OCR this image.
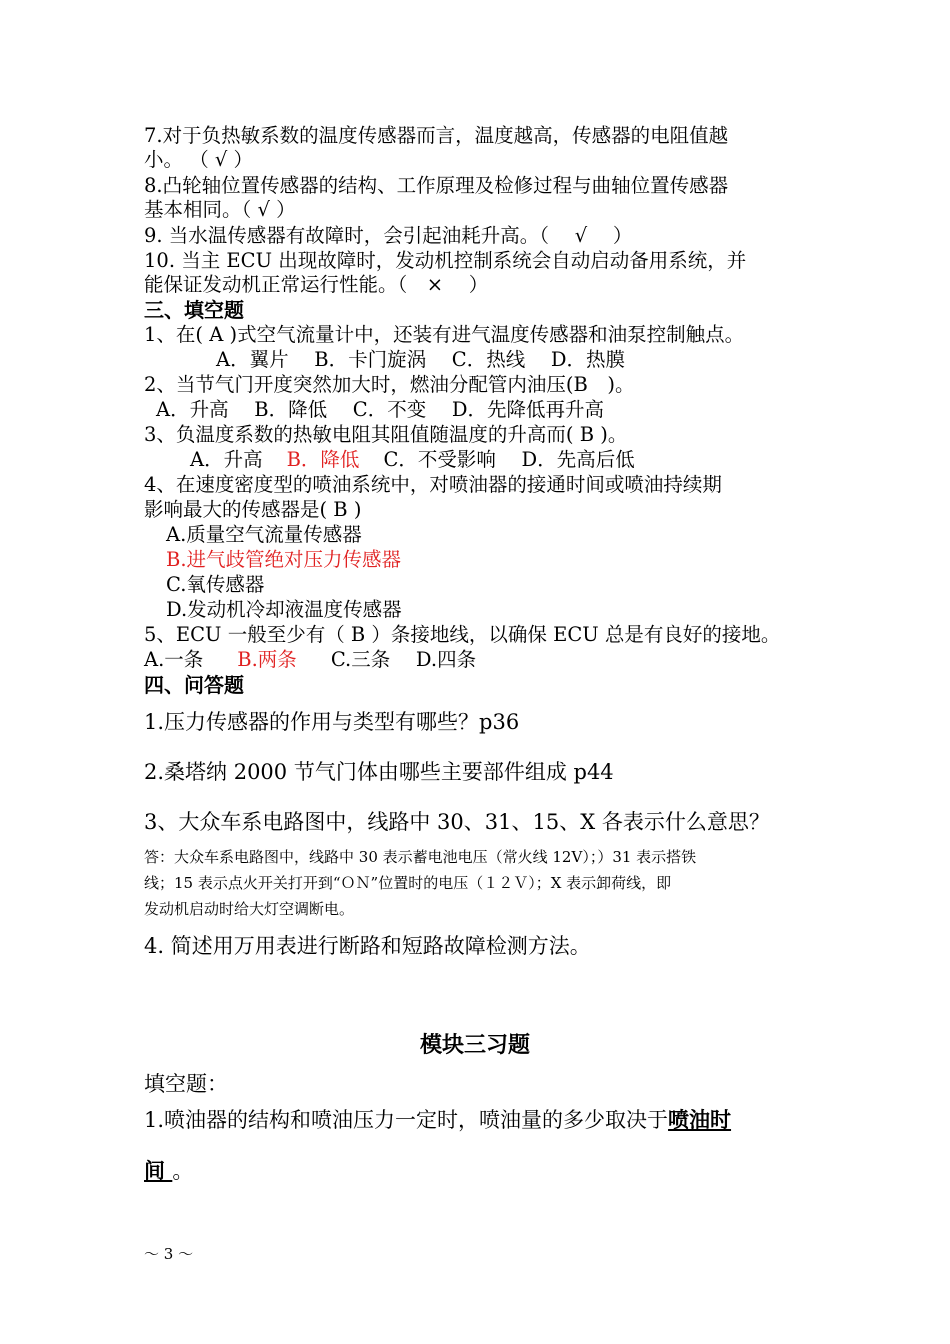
7.对于负热敏系数的温度传感器而言，温度越高，传感器的电阻值越
小。 （ √ ）
8.凸轮轴位置传感器的结构、工作原理及检修过程与曲轴位置传感器
基本相同。（ √ ）
9. 当水温传感器有故障时，会引起油耗升高。（　 √　 ）
10. 当主 ECU 出现故障时，发动机控制系统会自动启动备用系统，并
能保证发动机正常运行性能。（　×　 ）
三、填空题
1、在( A )式空气流量计中，还装有进气温度传感器和油泵控制触点。
A．翼片　 B．卡门旋涡　 C．热线　 D．热膜
2、当节气门开度突然加大时，燃油分配管内油压(B　)。
A．升高　 B．降低　 C．不变　 D．先降低再升高
3、负温度系数的热敏电阻其阻值随温度的升高而( B )。
A．升高 B．降低 C．不受影响　 D．先高后低
4、在速度密度型的喷油系统中，对喷油器的接通时间或喷油持续期
影响最大的传感器是( B )
A.质量空气流量传感器
B.进气歧管绝对压力传感器
C.氧传感器
D.发动机冷却液温度传感器
5、ECU 一般至少有（ B ）条接地线，以确保 ECU 总是有良好的接地。
A.一条 B.两条 C.三条　 D.四条
四、问答题
1.压力传感器的作用与类型有哪些？p36
2.桑塔纳 2000 节气门体由哪些主要部件组成 p44
3、大众车系电路图中，线路中 30、31、15、X 各表示什么意思？
答：大众车系电路图中，线路中 30 表示蓄电池电压（常火线 12V）；）31 表示搭铁
线；15 表示点火开关打开到“ＯＮ”位置时的电压（１２Ｖ）；X 表示卸荷线，即
发动机启动时给大灯空调断电。
4. 简述用万用表进行断路和短路故障检测方法。
模块三习题
填空题：
1.喷油器的结构和喷油压力一定时，喷油量的多少取决于喷油时
间 。
～ 3 ～
